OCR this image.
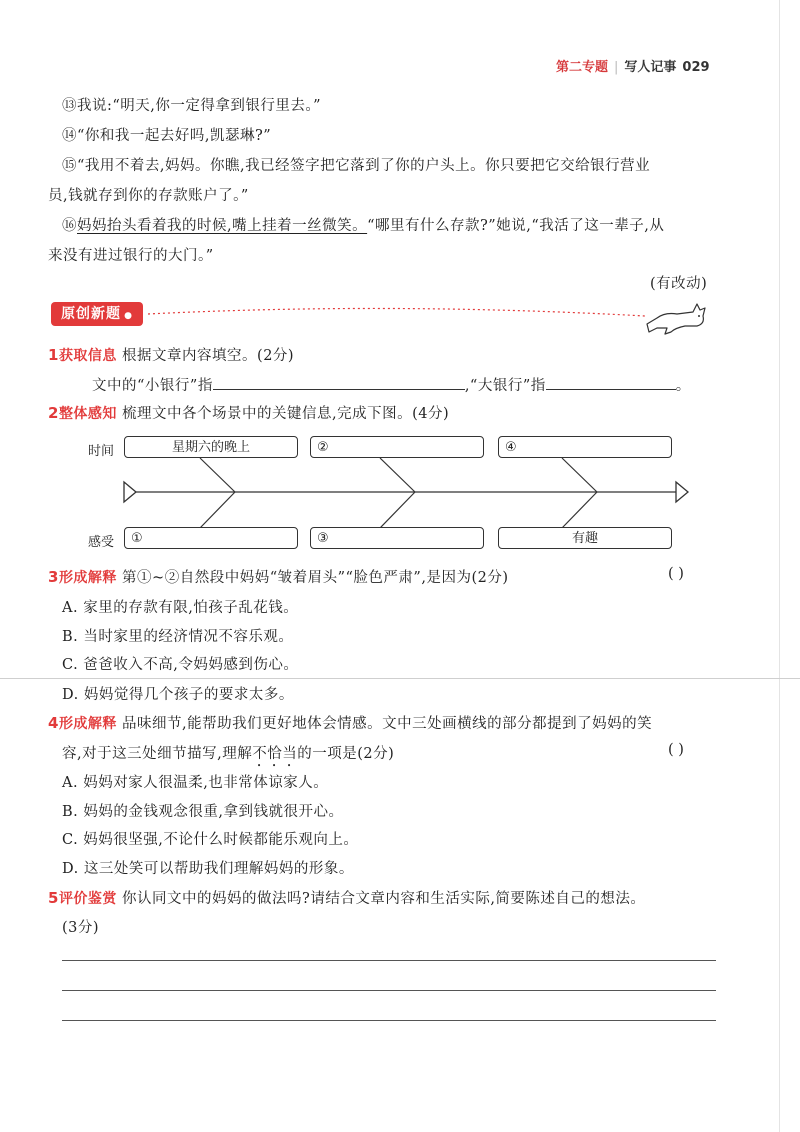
第二专题 | 写人记事 029
⑬我说:“明天,你一定得拿到银行里去。”
⑭“你和我一起去好吗,凯瑟琳?”
⑮“我用不着去,妈妈。你瞧,我已经签字把它落到了你的户头上。你只要把它交给银行营业
员,钱就存到你的存款账户了。”
⑯妈妈抬头看着我的时候,嘴上挂着一丝微笑。“哪里有什么存款?”她说,“我活了这一辈子,从
来没有进过银行的大门。”
(有改动)
原创新题 ●
1获取信息 根据文章内容填空。(2分)
文中的“小银行”指	,“大银行”指	。
2整体感知 梳理文中各个场景中的关键信息,完成下图。(4分)
时间
感受
星期六的晚上	②	④
①	③	有趣
3形成解释 第①~②自然段中妈妈“皱着眉头”“脸色严肃”,是因为(2分)	( )
A. 家里的存款有限,怕孩子乱花钱。
B. 当时家里的经济情况不容乐观。
C. 爸爸收入不高,令妈妈感到伤心。
D. 妈妈觉得几个孩子的要求太多。
4形成解释 品味细节,能帮助我们更好地体会情感。文中三处画横线的部分都提到了妈妈的笑
容,对于这三处细节描写,理解不恰当的一项是(2分)	( )
A. 妈妈对家人很温柔,也非常体谅家人。
B. 妈妈的金钱观念很重,拿到钱就很开心。
C. 妈妈很坚强,不论什么时候都能乐观向上。
D. 这三处笑可以帮助我们理解妈妈的形象。
5评价鉴赏 你认同文中的妈妈的做法吗?请结合文章内容和生活实际,简要陈述自己的想法。
(3分)
